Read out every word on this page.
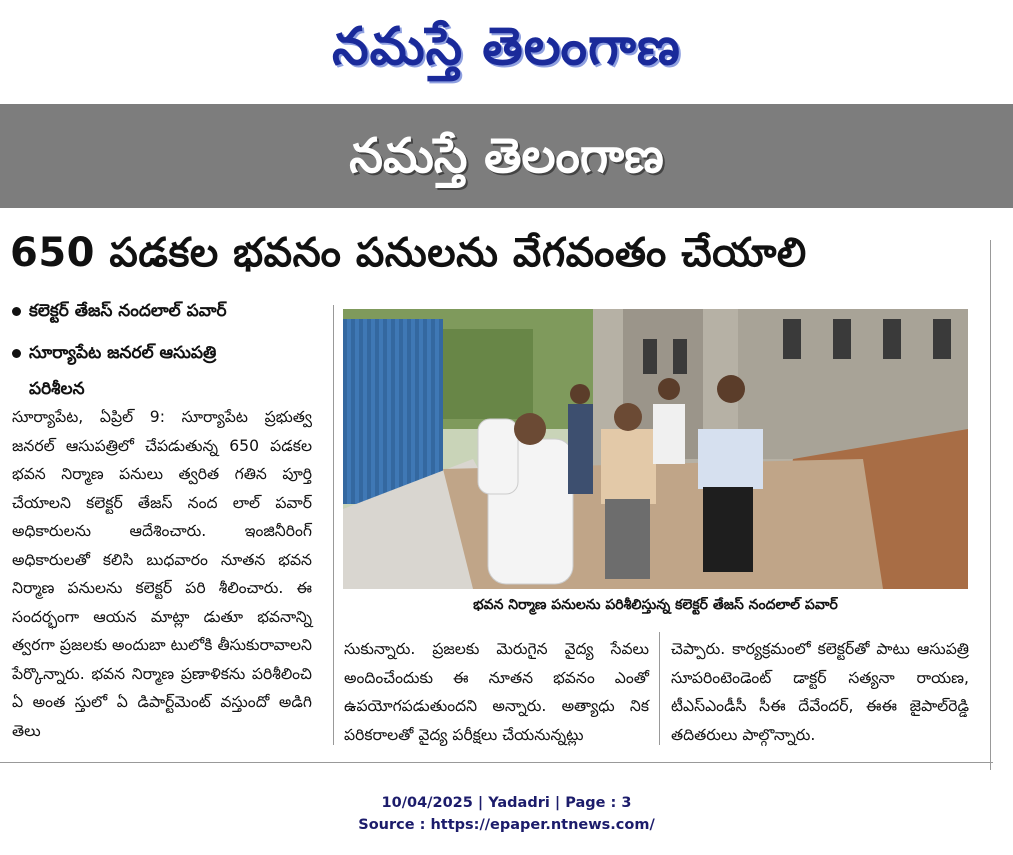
నమస్తే తెలంగాణ
నమస్తే తెలంగాణ
650 పడకల భవనం పనులను వేగవంతం చేయాలి
కలెక్టర్ తేజస్ నందలాల్ పవార్
సూర్యాపేట జనరల్ ఆసుపత్రి
పరిశీలన
సూర్యాపేట, ఏప్రిల్ 9: సూర్యాపేట ప్రభుత్వ జనరల్ ఆసుపత్రిలో చేపడుతున్న 650 పడకల భవన నిర్మాణ పనులు త్వరిత గతిన పూర్తి చేయాలని కలెక్టర్ తేజస్ నంద లాల్ పవార్ అధికారులను ఆదేశించారు. ఇంజినీరింగ్ అధికారులతో కలిసి బుధవారం నూతన భవన నిర్మాణ పనులను కలెక్టర్ పరి శీలించారు. ఈ సందర్భంగా ఆయన మాట్లా డుతూ భవనాన్ని త్వరగా ప్రజలకు అందుబా టులోకి తీసుకురావాలని పేర్కొన్నారు. భవన నిర్మాణ ప్రణాళికను పరిశీలించి ఏ అంత స్తులో ఏ డిపార్ట్‌మెంట్ వస్తుందో అడిగి తెలు
భవన నిర్మాణ పనులను పరిశీలిస్తున్న కలెక్టర్ తేజస్ నందలాల్ పవార్
సుకున్నారు. ప్రజలకు మెరుగైన వైద్య సేవలు అందించేందుకు ఈ నూతన భవనం ఎంతో ఉపయోగపడుతుందని అన్నారు. అత్యాధు నిక పరికరాలతో వైద్య పరీక్షలు చేయనున్నట్లు
చెప్పారు. కార్యక్రమంలో కలెక్టర్‌తో పాటు ఆసుపత్రి సూపరింటెండెంట్ డాక్టర్ సత్యనా రాయణ, టీఎస్‌ఎండీసీ సీఈ దేవేందర్, ఈఈ జైపాల్‌రెడ్డి తదితరులు పాల్గొన్నారు.
10/04/2025 | Yadadri | Page : 3
Source : https://epaper.ntnews.com/
